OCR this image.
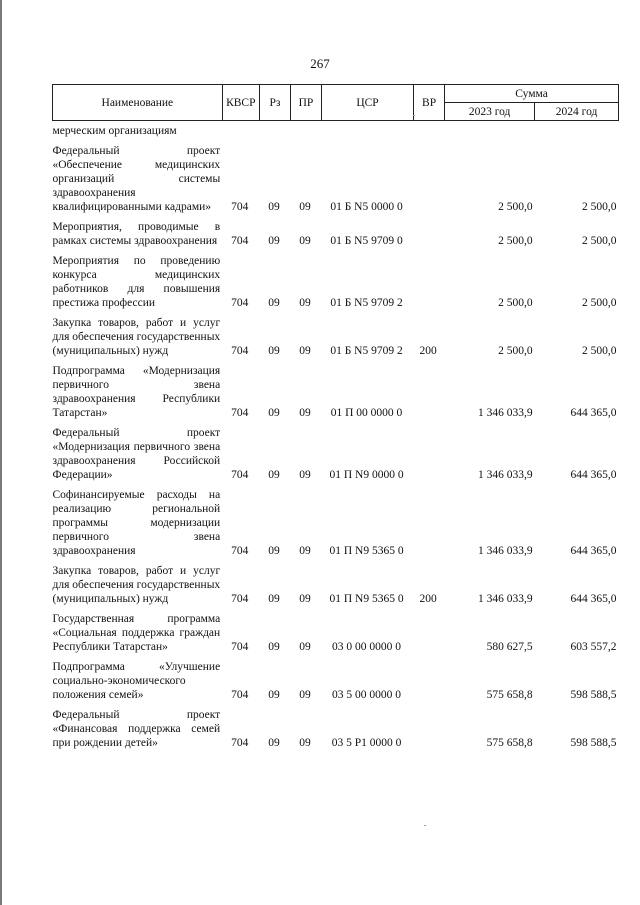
267
Наименование	КВСР	Рз	ПР	ЦСР	ВР	Сумма	
						2023 год	2024 год
мерческим организациям							
Федеральный проект «Обеспечение медицинских организаций системы здравоохранения квалифицированными кадрами»	704	09	09	01 Б N5 0000 0		2 500,0	2 500,0
Мероприятия, проводимые в рамках системы здравоохранения	704	09	09	01 Б N5 9709 0		2 500,0	2 500,0
Мероприятия по проведению конкурса медицинских работников для повышения престижа профессии	704	09	09	01 Б N5 9709 2		2 500,0	2 500,0
Закупка товаров, работ и услуг для обеспечения государственных (муниципальных) нужд	704	09	09	01 Б N5 9709 2	200	2 500,0	2 500,0
Подпрограмма «Модернизация первичного звена здравоохранения Республики Татарстан»	704	09	09	01 П 00 0000 0		1 346 033,9	644 365,0
Федеральный проект «Модернизация первичного звена здравоохранения Российской Федерации»	704	09	09	01 П N9 0000 0		1 346 033,9	644 365,0
Софинансируемые расходы на реализацию региональной программы модернизации первичного звена здравоохранения	704	09	09	01 П N9 5365 0		1 346 033,9	644 365,0
Закупка товаров, работ и услуг для обеспечения государственных (муниципальных) нужд	704	09	09	01 П N9 5365 0	200	1 346 033,9	644 365,0
Государственная программа «Социальная поддержка граждан Республики Татарстан»	704	09	09	03 0 00 0000 0		580 627,5	603 557,2
Подпрограмма «Улучшение социально-экономического положения семей»	704	09	09	03 5 00 0000 0		575 658,8	598 588,5
Федеральный проект «Финансовая поддержка семей при рождении детей»	704	09	09	03 5 P1 0000 0		575 658,8	598 588,5
